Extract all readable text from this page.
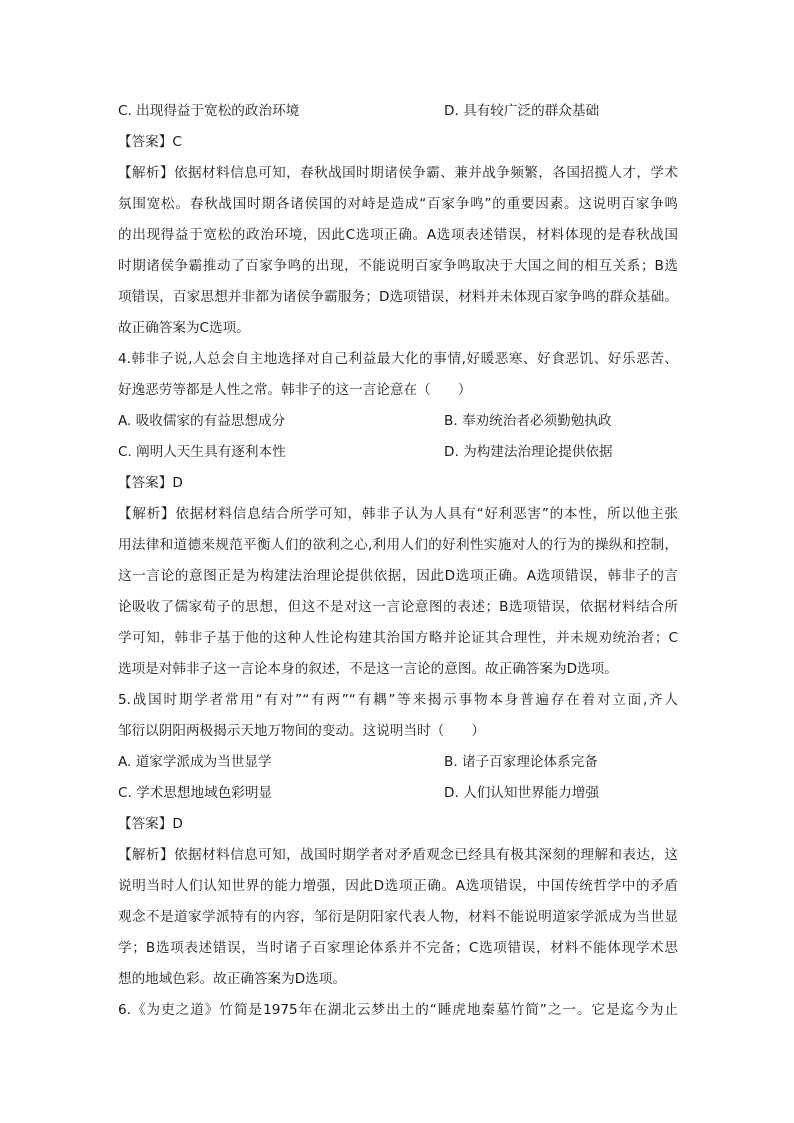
C. 出现得益于宽松的政治环境	D. 具有较广泛的群众基础
【答案】C
【解析】依据材料信息可知，春秋战国时期诸侯争霸、兼并战争频繁，各国招揽人才，学术
氛围宽松。春秋战国时期各诸侯国的对峙是造成“百家争鸣”的重要因素。这说明百家争鸣
的出现得益于宽松的政治环境，因此C选项正确。A选项表述错误，材料体现的是春秋战国
时期诸侯争霸推动了百家争鸣的出现，不能说明百家争鸣取决于大国之间的相互关系；B选
项错误，百家思想并非都为诸侯争霸服务；D选项错误，材料并未体现百家争鸣的群众基础。
故正确答案为C选项。
4.韩非子说,人总会自主地选择对自己利益最大化的事情,好暖恶寒、好食恶饥、好乐恶苦、
好逸恶劳等都是人性之常。韩非子的这一言论意在（　　）
A. 吸收儒家的有益思想成分	B. 奉劝统治者必须勤勉执政
C. 阐明人天生具有逐利本性	D. 为构建法治理论提供依据
【答案】D
【解析】依据材料信息结合所学可知，韩非子认为人具有“好利恶害”的本性，所以他主张
用法律和道德来规范平衡人们的欲利之心,利用人们的好利性实施对人的行为的操纵和控制，
这一言论的意图正是为构建法治理论提供依据，因此D选项正确。A选项错误，韩非子的言
论吸收了儒家荀子的思想，但这不是对这一言论意图的表述；B选项错误，依据材料结合所
学可知，韩非子基于他的这种人性论构建其治国方略并论证其合理性，并未规劝统治者；C
选项是对韩非子这一言论本身的叙述，不是这一言论的意图。故正确答案为D选项。
5.战国时期学者常用“有对”“有两”“有耦”等来揭示事物本身普遍存在着对立面,齐人
邹衍以阴阳两极揭示天地万物间的变动。这说明当时（　　）
A. 道家学派成为当世显学	B. 诸子百家理论体系完备
C. 学术思想地域色彩明显	D. 人们认知世界能力增强
【答案】D
【解析】依据材料信息可知，战国时期学者对矛盾观念已经具有极其深刻的理解和表达，这
说明当时人们认知世界的能力增强，因此D选项正确。A选项错误，中国传统哲学中的矛盾
观念不是道家学派特有的内容，邹衍是阴阳家代表人物，材料不能说明道家学派成为当世显
学；B选项表述错误，当时诸子百家理论体系并不完备；C选项错误，材料不能体现学术思
想的地域色彩。故正确答案为D选项。
6.《为吏之道》竹简是1975年在湖北云梦出土的“睡虎地秦墓竹简”之一。它是迄今为止
